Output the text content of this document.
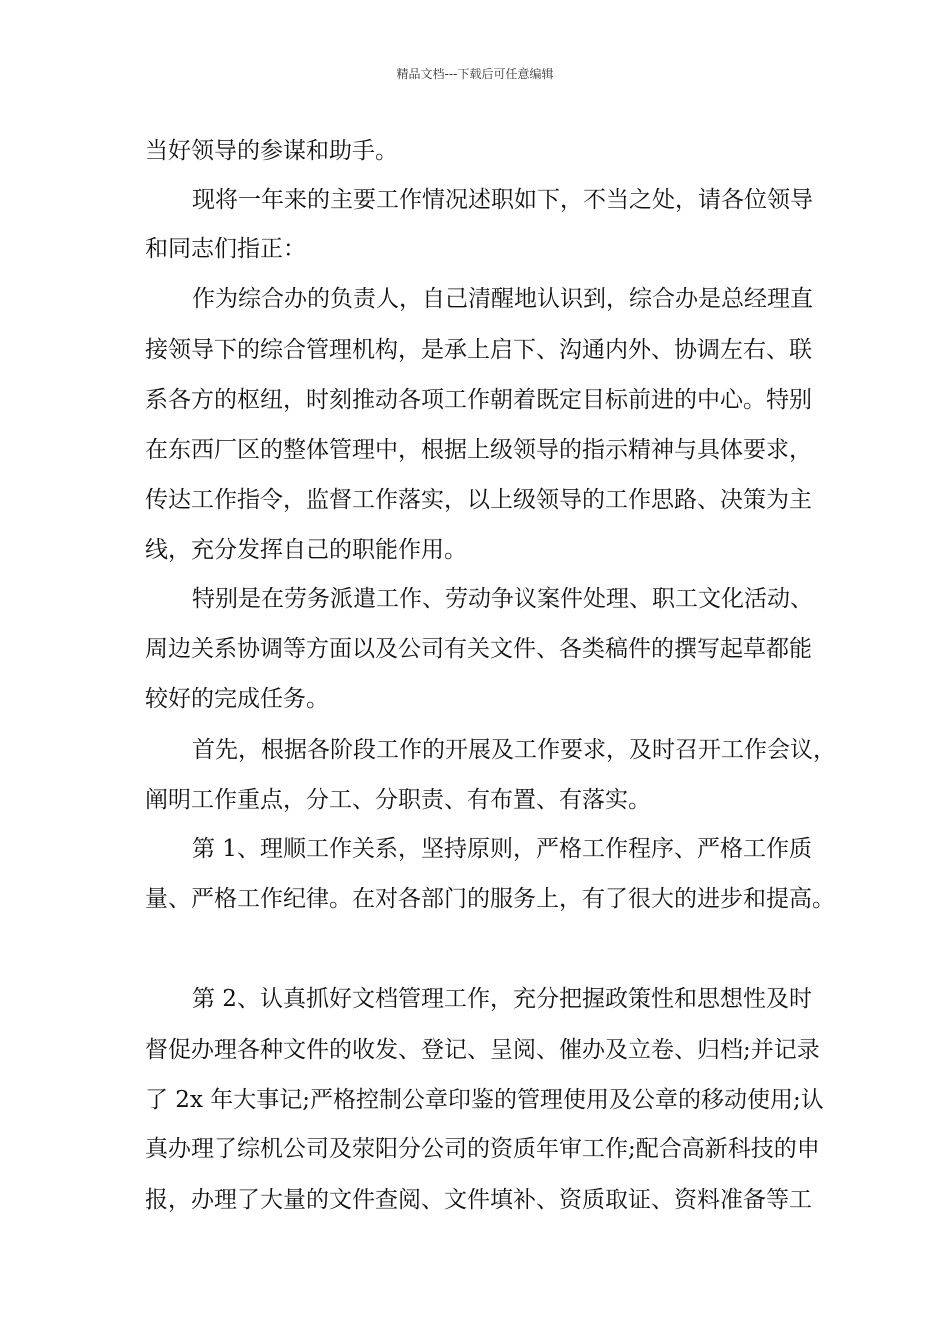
精品文档---下载后可任意编辑
当好领导的参谋和助手。
现将一年来的主要工作情况述职如下，不当之处，请各位领导
和同志们指正：
作为综合办的负责人，自己清醒地认识到，综合办是总经理直
接领导下的综合管理机构，是承上启下、沟通内外、协调左右、联
系各方的枢纽，时刻推动各项工作朝着既定目标前进的中心。特别
在东西厂区的整体管理中，根据上级领导的指示精神与具体要求，
传达工作指令，监督工作落实，以上级领导的工作思路、决策为主
线，充分发挥自己的职能作用。
特别是在劳务派遣工作、劳动争议案件处理、职工文化活动、
周边关系协调等方面以及公司有关文件、各类稿件的撰写起草都能
较好的完成任务。
首先，根据各阶段工作的开展及工作要求，及时召开工作会议，
阐明工作重点，分工、分职责、有布置、有落实。
第 1、理顺工作关系，坚持原则，严格工作程序、严格工作质
量、严格工作纪律。在对各部门的服务上，有了很大的进步和提高。
第 2、认真抓好文档管理工作，充分把握政策性和思想性及时
督促办理各种文件的收发、登记、呈阅、催办及立卷、归档;并记录
了 2x 年大事记;严格控制公章印鉴的管理使用及公章的移动使用;认
真办理了综机公司及荥阳分公司的资质年审工作;配合高新科技的申
报，办理了大量的文件查阅、文件填补、资质取证、资料准备等工
